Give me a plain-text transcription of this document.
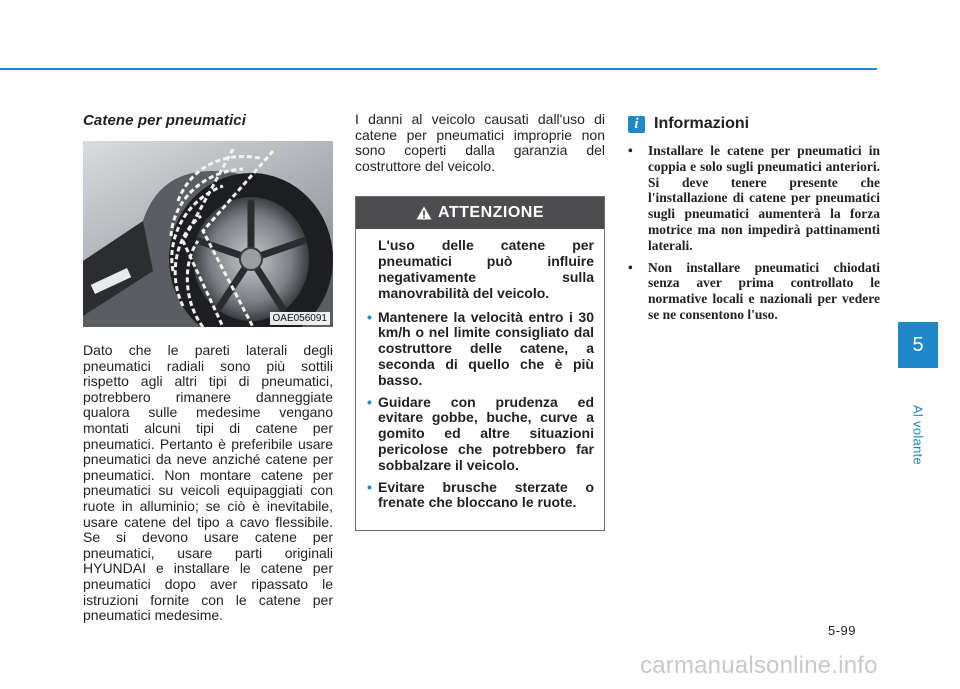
Catene per pneumatici
OAE056091

Dato che le pareti laterali degli pneumatici radiali sono più sottili rispetto agli altri tipi di pneumatici, potrebbero rimanere danneggiate qualora sulle medesime vengano montati alcuni tipi di catene per pneumatici. Pertanto è preferibile usare pneumatici da neve anziché catene per pneumatici. Non montare catene per pneumatici su veicoli equipaggiati con ruote in alluminio; se ciò è inevitabile, usare catene del tipo a cavo flessibile. Se si devono usare catene per pneumatici, usare parti originali HYUNDAI e installare le catene per pneumatici dopo aver ripassato le istruzioni fornite con le catene per pneumatici medesime.

I danni al veicolo causati dall'uso di catene per pneumatici improprie non sono coperti dalla garanzia del costruttore del veicolo.

ATTENZIONE

L'uso delle catene per pneumatici può influire negativamente sulla manovrabilità del veicolo.

• Mantenere la velocità entro i 30 km/h o nel limite consigliato dal costruttore delle catene, a seconda di quello che è più basso.
• Guidare con prudenza ed evitare gobbe, buche, curve a gomito ed altre situazioni pericolose che potrebbero far sobbalzare il veicolo.
• Evitare brusche sterzate o frenate che bloccano le ruote.
i Informazioni
• Installare le catene per pneumatici in coppia e solo sugli pneumatici anteriori. Si deve tenere presente che l'installazione di catene per pneumatici sugli pneumatici aumenterà la forza motrice ma non impedirà pattinamenti laterali.
• Non installare pneumatici chiodati senza aver prima controllato le normative locali e nazionali per vedere se ne consentono l'uso.
5
Al volante
5-99
carmanualsonline.info
